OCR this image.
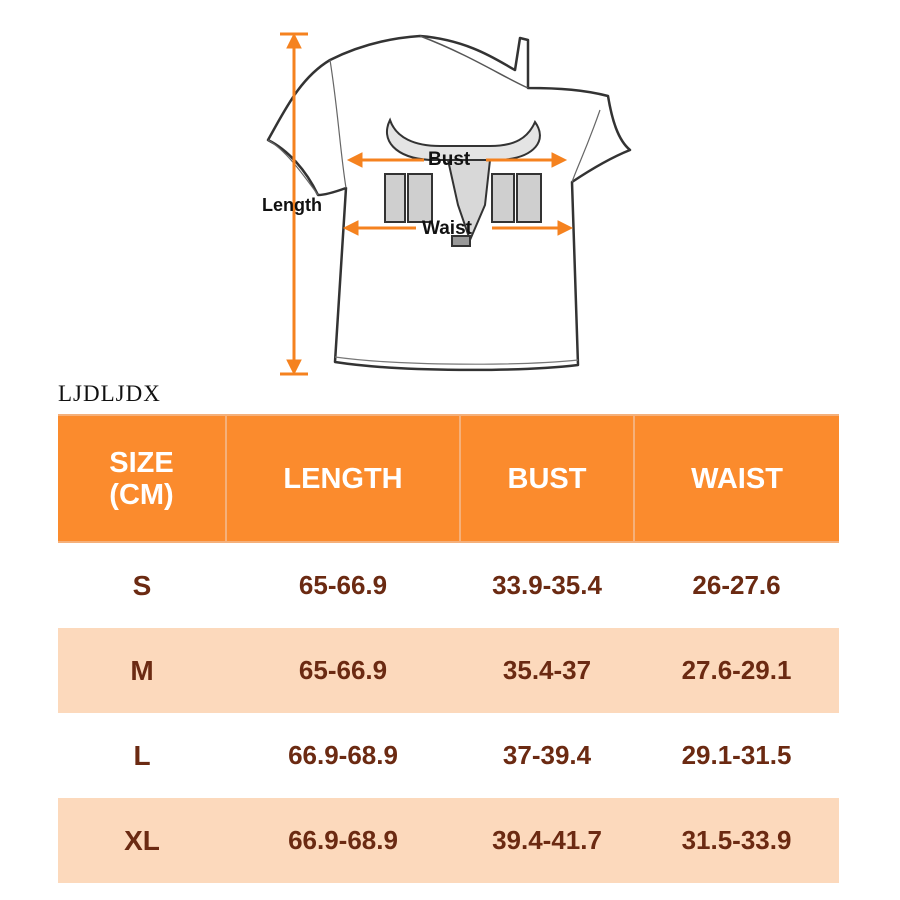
Length
Bust
Waist
LJDLJDX
SIZE
(CM)	LENGTH	BUST	WAIST
S	65-66.9	33.9-35.4	26-27.6
M	65-66.9	35.4-37	27.6-29.1
L	66.9-68.9	37-39.4	29.1-31.5
XL	66.9-68.9	39.4-41.7	31.5-33.9
